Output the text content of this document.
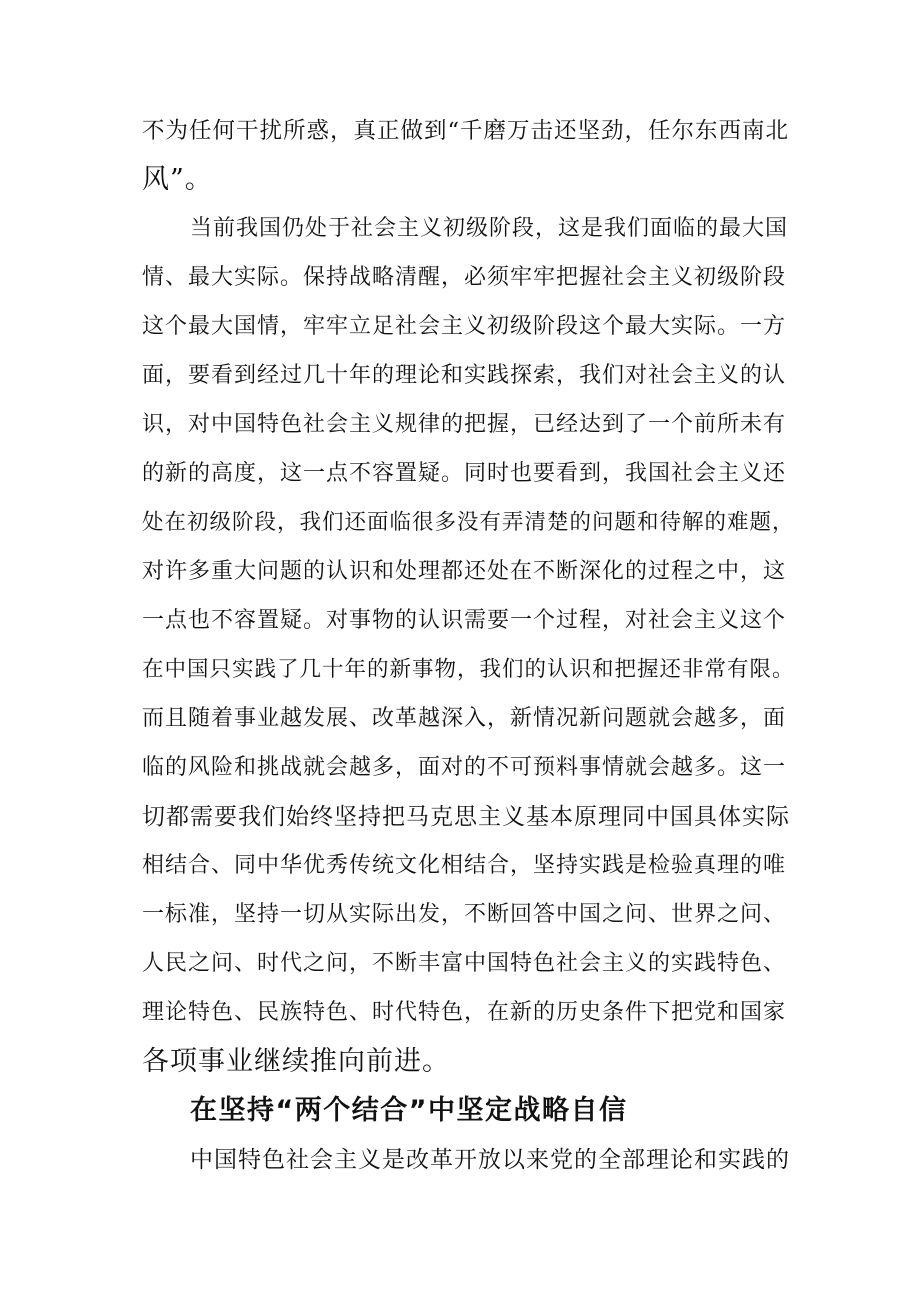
不为任何干扰所惑，真正做到“千磨万击还坚劲，任尔东西南北
风”。
当前我国仍处于社会主义初级阶段，这是我们面临的最大国
情、最大实际。保持战略清醒，必须牢牢把握社会主义初级阶段
这个最大国情，牢牢立足社会主义初级阶段这个最大实际。一方
面，要看到经过几十年的理论和实践探索，我们对社会主义的认
识，对中国特色社会主义规律的把握，已经达到了一个前所未有
的新的高度，这一点不容置疑。同时也要看到，我国社会主义还
处在初级阶段，我们还面临很多没有弄清楚的问题和待解的难题，
对许多重大问题的认识和处理都还处在不断深化的过程之中，这
一点也不容置疑。对事物的认识需要一个过程，对社会主义这个
在中国只实践了几十年的新事物，我们的认识和把握还非常有限。
而且随着事业越发展、改革越深入，新情况新问题就会越多，面
临的风险和挑战就会越多，面对的不可预料事情就会越多。这一
切都需要我们始终坚持把马克思主义基本原理同中国具体实际
相结合、同中华优秀传统文化相结合，坚持实践是检验真理的唯
一标准，坚持一切从实际出发，不断回答中国之问、世界之问、
人民之问、时代之问，不断丰富中国特色社会主义的实践特色、
理论特色、民族特色、时代特色，在新的历史条件下把党和国家
各项事业继续推向前进。
在坚持“两个结合”中坚定战略自信
中国特色社会主义是改革开放以来党的全部理论和实践的
